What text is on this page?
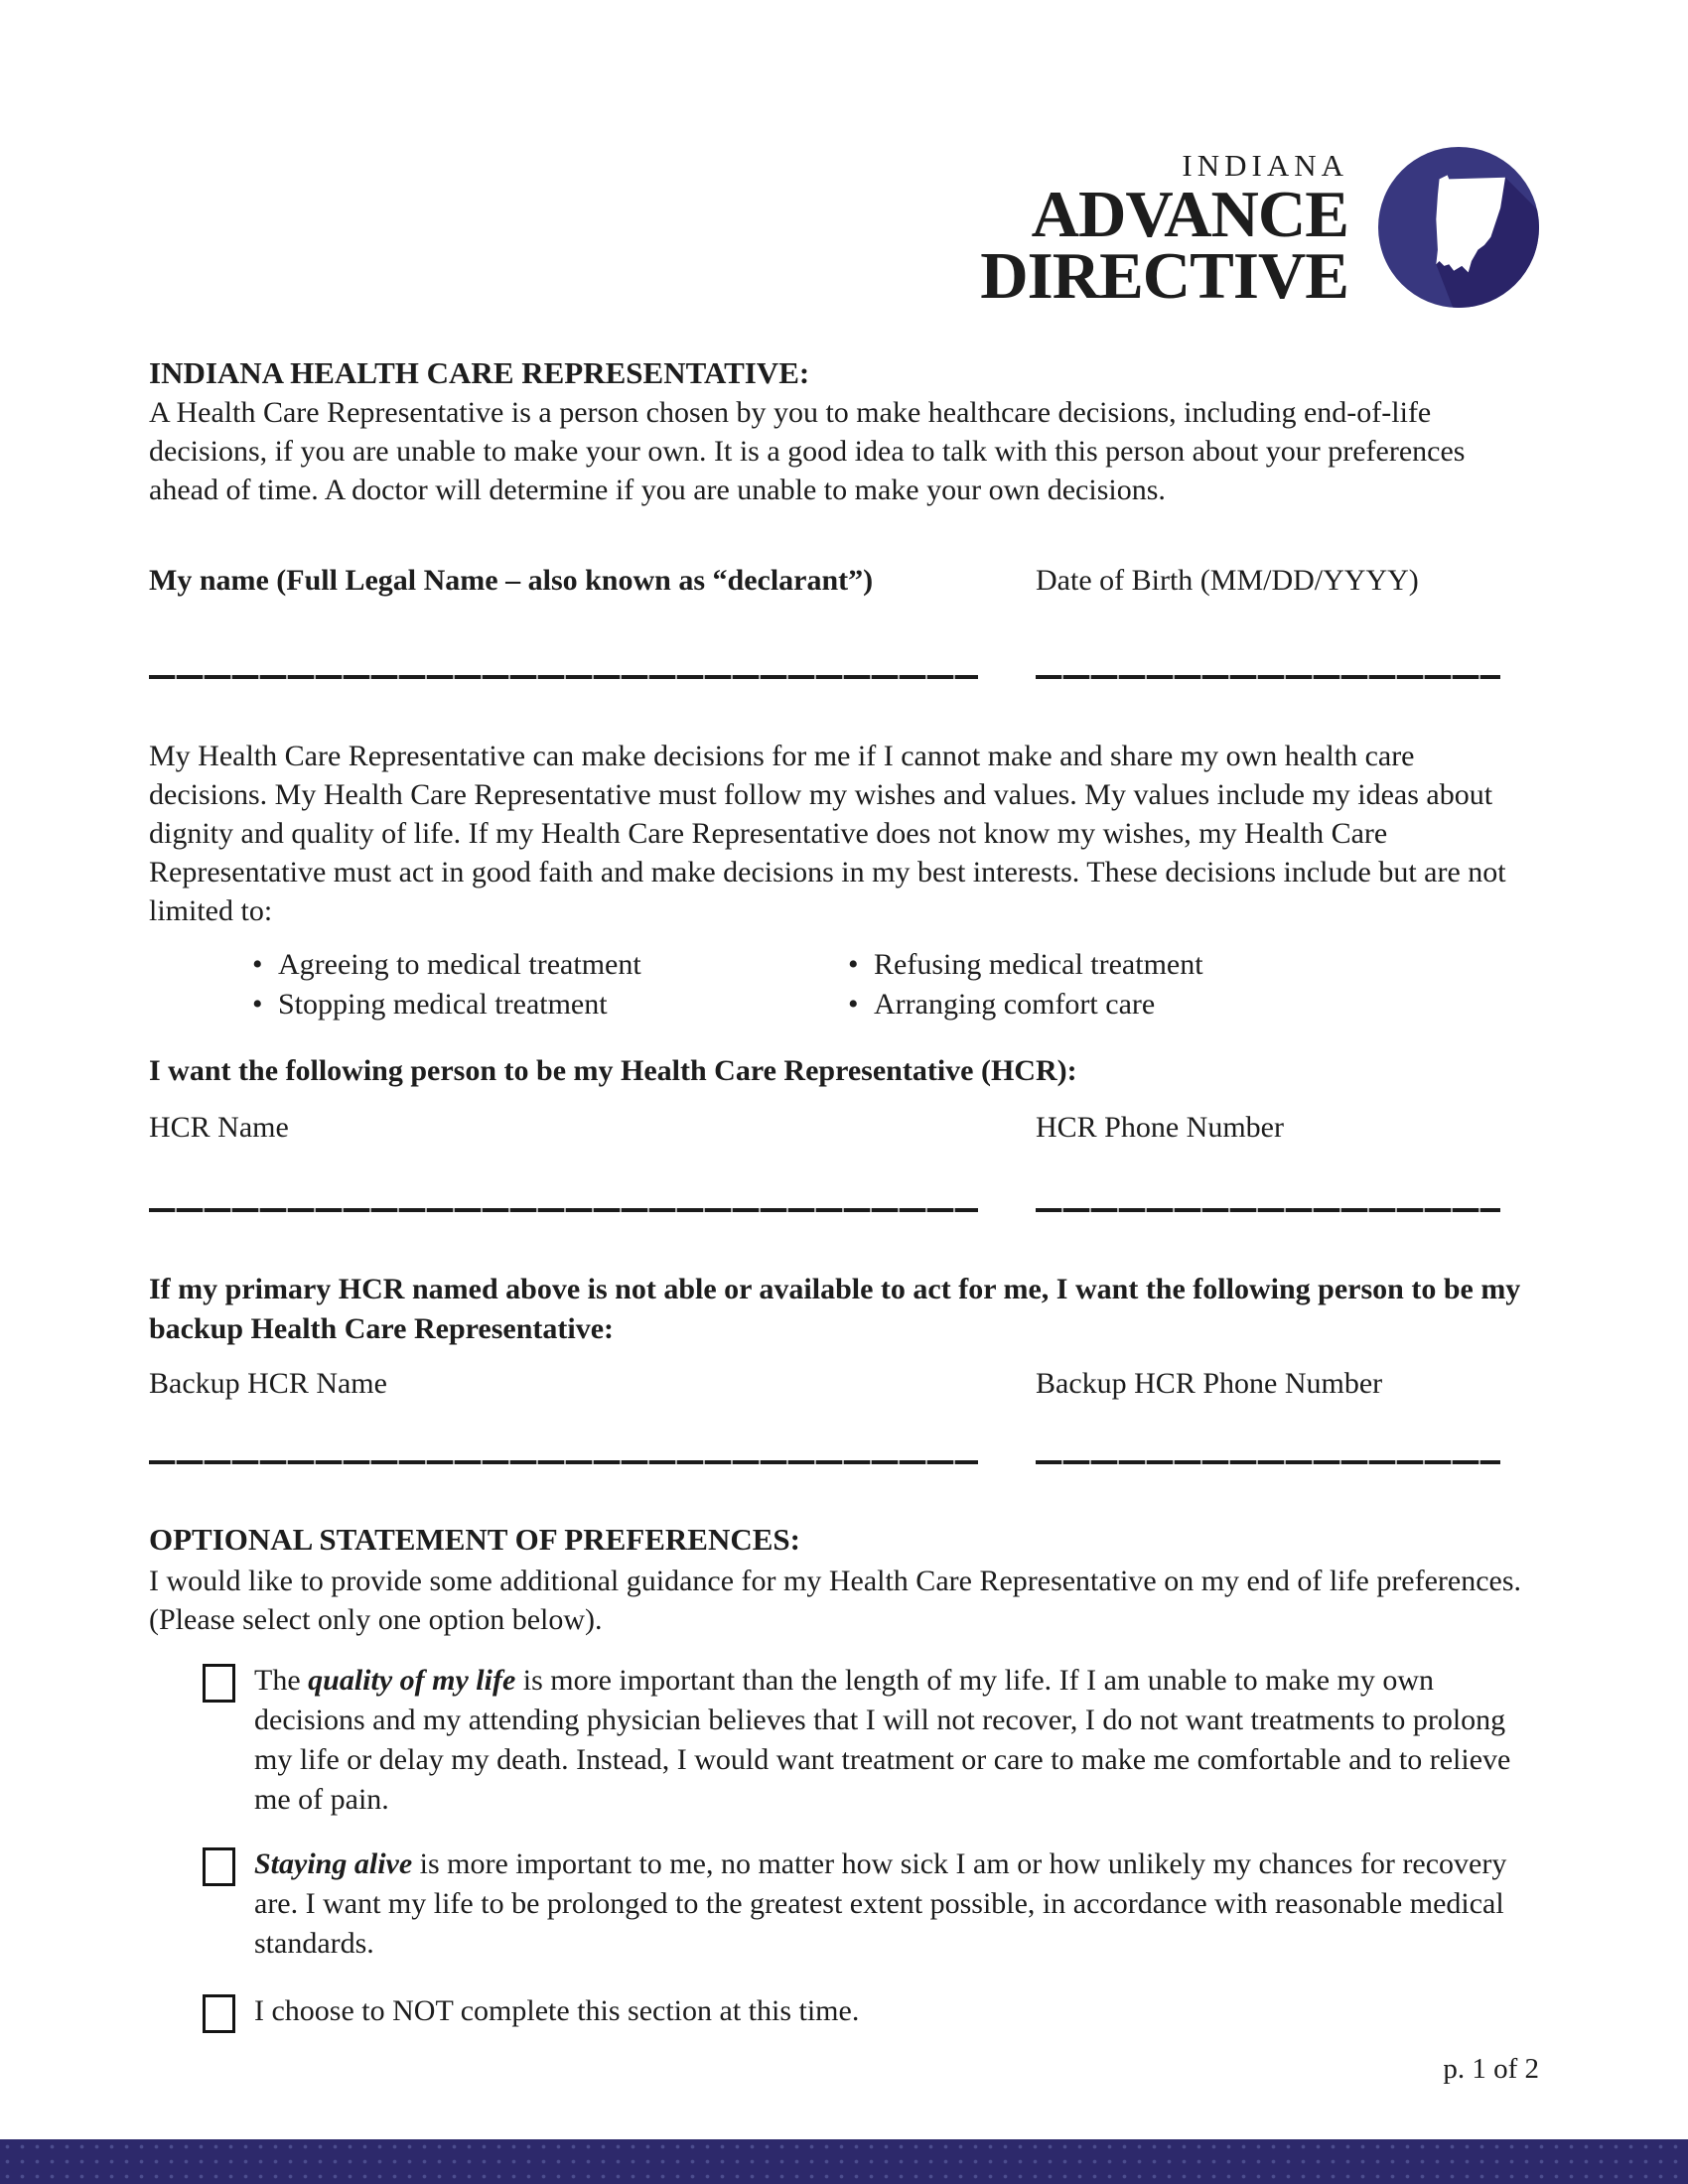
INDIANA
ADVANCE
DIRECTIVE
INDIANA HEALTH CARE REPRESENTATIVE:

A Health Care Representative is a person chosen by you to make healthcare decisions, including end-of-life decisions, if you are unable to make your own. It is a good idea to talk with this person about your preferences ahead of time. A doctor will determine if you are unable to make your own decisions.

My name (Full Legal Name – also known as “declarant”)	Date of Birth (MM/DD/YYYY)

My Health Care Representative can make decisions for me if I cannot make and share my own health care decisions. My Health Care Representative must follow my wishes and values. My values include my ideas about dignity and quality of life. If my Health Care Representative does not know my wishes, my Health Care Representative must act in good faith and make decisions in my best interests. These decisions include but are not limited to:

• Agreeing to medical treatment	• Refusing medical treatment
• Stopping medical treatment	• Arranging comfort care

I want the following person to be my Health Care Representative (HCR):

HCR Name	HCR Phone Number

If my primary HCR named above is not able or available to act for me, I want the following person to be my backup Health Care Representative:

Backup HCR Name	Backup HCR Phone Number
OPTIONAL STATEMENT OF PREFERENCES:

I would like to provide some additional guidance for my Health Care Representative on my end of life preferences. (Please select only one option below).

The quality of my life is more important than the length of my life. If I am unable to make my own decisions and my attending physician believes that I will not recover, I do not want treatments to prolong my life or delay my death. Instead, I would want treatment or care to make me comfortable and to relieve me of pain.
Staying alive is more important to me, no matter how sick I am or how unlikely my chances for recovery are. I want my life to be prolonged to the greatest extent possible, in accordance with reasonable medical standards.
I choose to NOT complete this section at this time.
p. 1 of 2
